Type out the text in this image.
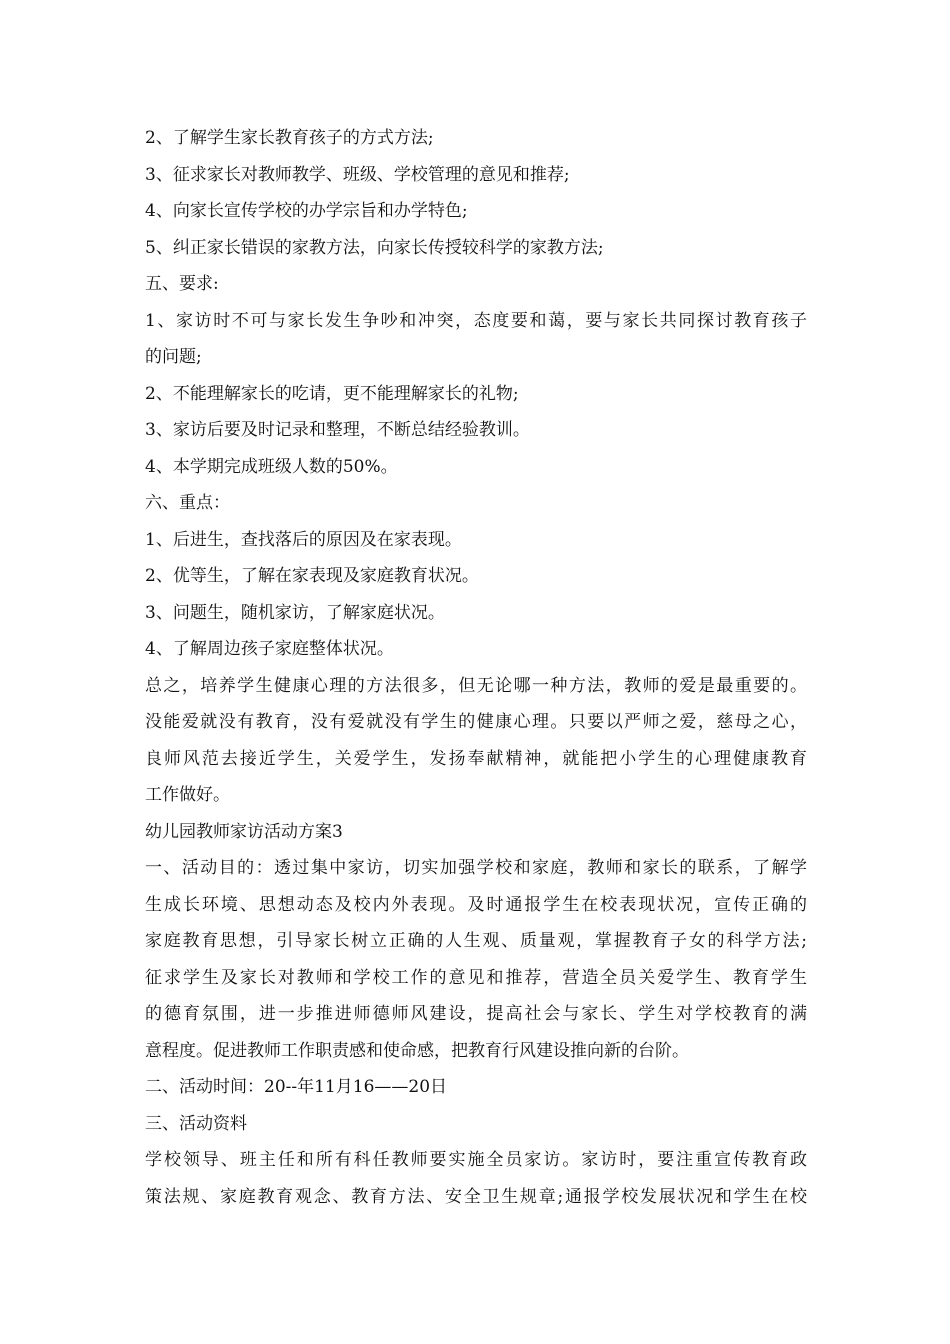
2、了解学生家长教育孩子的方式方法;

3、征求家长对教师教学、班级、学校管理的意见和推荐;

4、向家长宣传学校的办学宗旨和办学特色;

5、纠正家长错误的家教方法，向家长传授较科学的家教方法;

五、要求:

1、家访时不可与家长发生争吵和冲突，态度要和蔼，要与家长共同探讨教育孩子

的问题;

2、不能理解家长的吃请，更不能理解家长的礼物;

3、家访后要及时记录和整理，不断总结经验教训。

4、本学期完成班级人数的50%。

六、重点：

1、后进生，查找落后的原因及在家表现。

2、优等生，了解在家表现及家庭教育状况。

3、问题生，随机家访，了解家庭状况。

4、了解周边孩子家庭整体状况。

总之，培养学生健康心理的方法很多，但无论哪一种方法，教师的爱是最重要的。

没能爱就没有教育，没有爱就没有学生的健康心理。只要以严师之爱，慈母之心，

良师风范去接近学生，关爱学生，发扬奉献精神，就能把小学生的心理健康教育

工作做好。

幼儿园教师家访活动方案3

一、活动目的：透过集中家访，切实加强学校和家庭，教师和家长的联系，了解学

生成长环境、思想动态及校内外表现。及时通报学生在校表现状况，宣传正确的

家庭教育思想，引导家长树立正确的人生观、质量观，掌握教育子女的科学方法;

征求学生及家长对教师和学校工作的意见和推荐，营造全员关爱学生、教育学生

的德育氛围，进一步推进师德师风建设，提高社会与家长、学生对学校教育的满

意程度。促进教师工作职责感和使命感，把教育行风建设推向新的台阶。

二、活动时间：20--年11月16——20日

三、活动资料

学校领导、班主任和所有科任教师要实施全员家访。家访时，要注重宣传教育政

策法规、家庭教育观念、教育方法、安全卫生规章;通报学校发展状况和学生在校
